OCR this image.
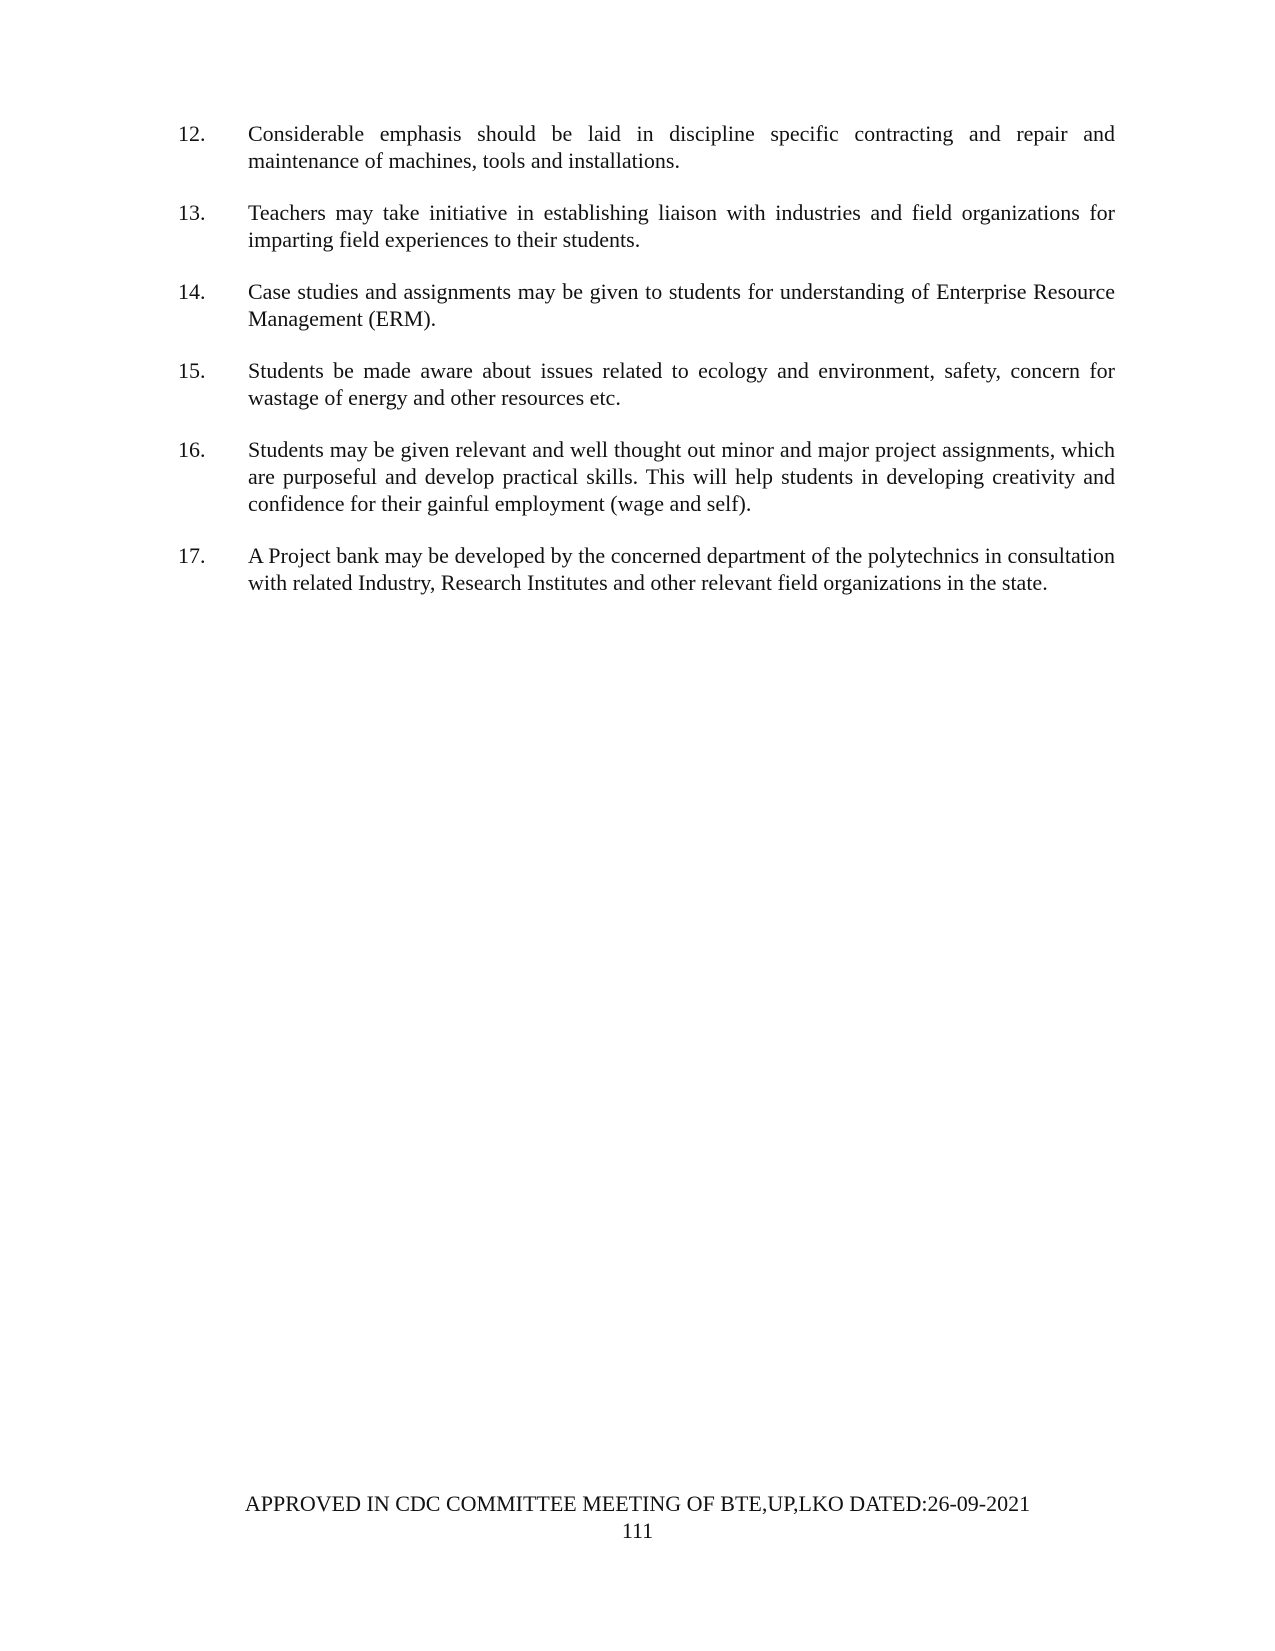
12.	Considerable emphasis should be laid in discipline specific contracting and repair and maintenance of machines, tools and installations.
13.	Teachers may take initiative in establishing liaison with industries and field organizations for imparting field experiences to their students.
14.	Case studies and assignments may be given to students for understanding of Enterprise Resource Management (ERM).
15.	Students be made aware about issues related to ecology and environment, safety, concern for wastage of energy and other resources etc.
16.	Students may be given relevant and well thought out minor and major project assignments, which are purposeful and develop practical skills. This will help students in developing creativity and confidence for their gainful employment (wage and self).
17.	A Project bank may be developed by the concerned department of the polytechnics in consultation with related Industry, Research Institutes and other relevant field organizations in the state.
APPROVED IN CDC COMMITTEE MEETING OF BTE,UP,LKO DATED:26-09-2021
111
